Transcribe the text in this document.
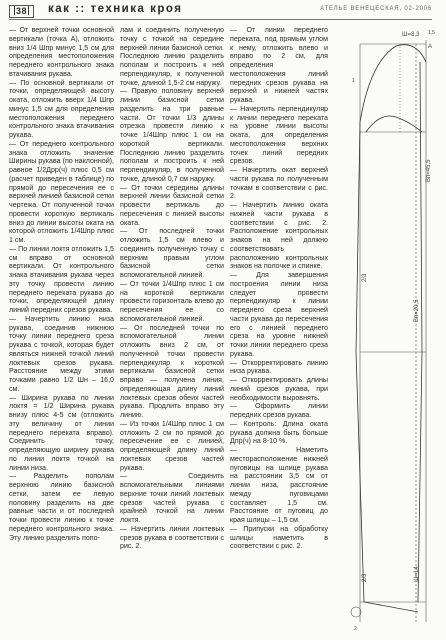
38	как :: техника кроя	АТЕЛЬЕ ВЕНЕЦЕСКАЯ, 02-2006

— От верхней точки основной вертикали (точка А), отложить вниз 1/4 Шпр минус 1,5 см для определения местоположения переднего контрольного знака втачивания рукава.

— По основной вертикали от точки, определяющей высоту оката, отложить вверх 1/4 Шпр минус 1,5 см для определения местоположения переднего контрольного знака втачивания рукава.

— От переднего контрольного знака отложить значение Ширины рукава (по наклонной), равное 1/2Дрр(ч) плюс 0,5 см (расчет приведен в таблице) по прямой до пересечения ее с верхней линией базисной сетки чертежа. От полученной точки провести короткую вертикаль вниз до линии высоты оката на которой отложить 1/4Шпр плюс 1 см.

— По линии локтя отложить 1,5 см вправо от основной вертикали. От контрольного знака втачивания рукава через эту точку провести линию переднего переката рукава до точки, определяющей длину линий передних срезов рукава.

— Начертить линию низа рукава, соединив нижнюю точку линии переднего среза рукава с точкой, которая будет являться нижней точкой линий локтевых срезов рукава. Расстояние между этими точками равно 1/2 Шн – 16,0 см.

— Ширина рукава по линии локтя = 1/2 Ширина рукава внизу плюс 4-5 см (отложить эту величину от линии переднего переката вправо). Соединить точку, определяющую ширину рукава по линии локтя точкой на линии низа.

— Разделить пополам верхнюю линию базисной сетки, затем ее левую половину разделить на две равные части и от последней точки провести линию к точке переднего контрольного знака. Эту линию разделить попо-

лам и соединить полученную точку с точкой на середине верхней линии базисной сетки. Последнюю линию разделить пополам и построить к ней перпендикуляр, к полученной точке, длиной 1,5-2 см наружу.

— Правую половину верхней линии базисной сетки разделить на три равные части. От точки 1/3 длины отрезка провести линию к точке 1/4Шпр плюс 1 см на короткой вертикали. Последнюю линию разделить пополам и построить к ней перпендикуляр, в полученной точке, длиной 0,7 см наружу.

— От точки середины длины верхней линии базисной сетки провести вертикаль до пересечения с линией высоты оката.

— От последней точки отложить 1,5 см влево и соединить полученную точку с верхним правым углом базисной сетки вспомогательной линией.

— От точки 1/4Шпр плюс 1 см на короткой вертикали провести горизонталь влево до пересечения ее со вспомогательной линией.

— От последней точки по вспомогательной линии отложить вниз 2 см, от полученной точки провести перпендикуляр к короткой вертикали базисной сетки вправо — получена линия, определяющая длину линий локтевых срезов обеих частей рукава. Продлить вправо эту линию.

— Из точки 1/4Шпр плюс 1 см отложить 2 см по прямой до пересечение ее с линией, определяющей длину линий локтевых срезов частей рукава.

— Соединить вспомогательными линиями верхние точки линий локтевых срезов частей рукава с крайней точкой на линии локтя.

— Начертить линии локтевых срезов рукава в соответствии с рис. 2.

— От линии переднего переката, под прямым углом к нему, отложить влево и вправо по 2 см, для определения местоположения линий передних срезов рукава на верхней и нижней частях рукава.

— Начертить перпендикуляр к линии переднего переката на уровне линии высоты оката, для определения местоположения верхних точек линий передних срезов.

— Начертить окат верхней части рукава по полученным точкам в соответствии с рис. 2.

— Начертить линию оката нижней части рукава в соответствии с рис. 2. Расположение контрольных знаков на ней должно соответствовать расположению контрольных знаков на полочке и спинке.

— Для завершения построения линии низа следует провести перпендикуляр к линии переднего среза верхней части рукава до пересечения его с линией переднего среза на уровне нижней точки линии переднего среза рукава.

— Откорректировать линию низа рукава.

— Откорректировать длины линий срезов рукава, при необходимости выровнять.

— Оформить линии передних срезов рукава.

— Контроль: Длина оката рукава должна быть больше Дпр(ч) на 8-10 %.

— Наметить месторасположение нижней пуговицы на шлице рукава на расстоянии 3,5 см от линии низа, расстояние между пуговицами составляет 1,5 см. Расстояние от пуговиц до края шлицы – 1,5 см.

— Припуски на обработку шлицы наметить в соответствии с рис. 2.

Ш=8,3 1,5
Вп=45,5
1
2/3
Вп=20,5
2/3	Ш=14
2
А
